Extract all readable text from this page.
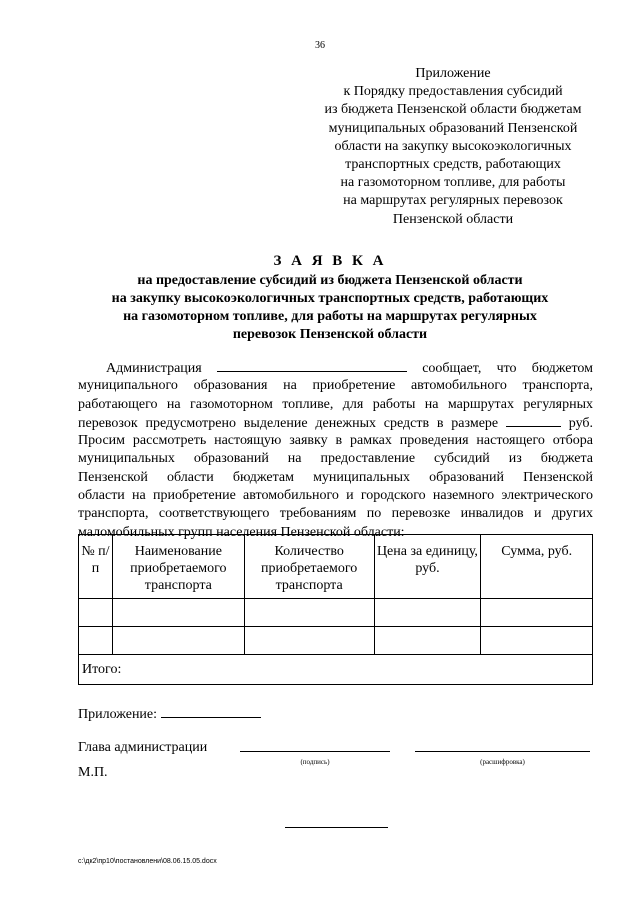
36
Приложение
к Порядку предоставления субсидий
из бюджета Пензенской области бюджетам
муниципальных образований Пензенской
области на закупку высокоэкологичных
транспортных средств, работающих
на газомоторном топливе, для работы
на маршрутах регулярных перевозок
Пензенской области
З А Я В К А
на предоставление субсидий из бюджета Пензенской области
на закупку высокоэкологичных транспортных средств, работающих
на газомоторном топливе, для работы на маршрутах регулярных
перевозок Пензенской области
Администрация	сообщает, что бюджетом
муниципального образования на приобретение автомобильного транспорта,
работающего на газомоторном топливе, для работы на маршрутах регулярных
перевозок предусмотрено выделение денежных средств в размере	руб.
Просим рассмотреть настоящую заявку в рамках проведения настоящего отбора
муниципальных образований на предоставление субсидий из бюджета
Пензенской области бюджетам муниципальных образований Пензенской
области на приобретение автомобильного и городского наземного электрического
транспорта, соответствующего требованиям по перевозке инвалидов и других
маломобильных групп населения Пензенской области:
№ п/п	Наименование приобретаемого транспорта	Количество приобретаемого транспорта	Цена за единицу, руб.	Сумма, руб.

Итого:				
Приложение:
Глава администрации
(подпись)	(расшифровка)
М.П.
c:\дк2\пр10\постановлени\08.06.15.05.docx
